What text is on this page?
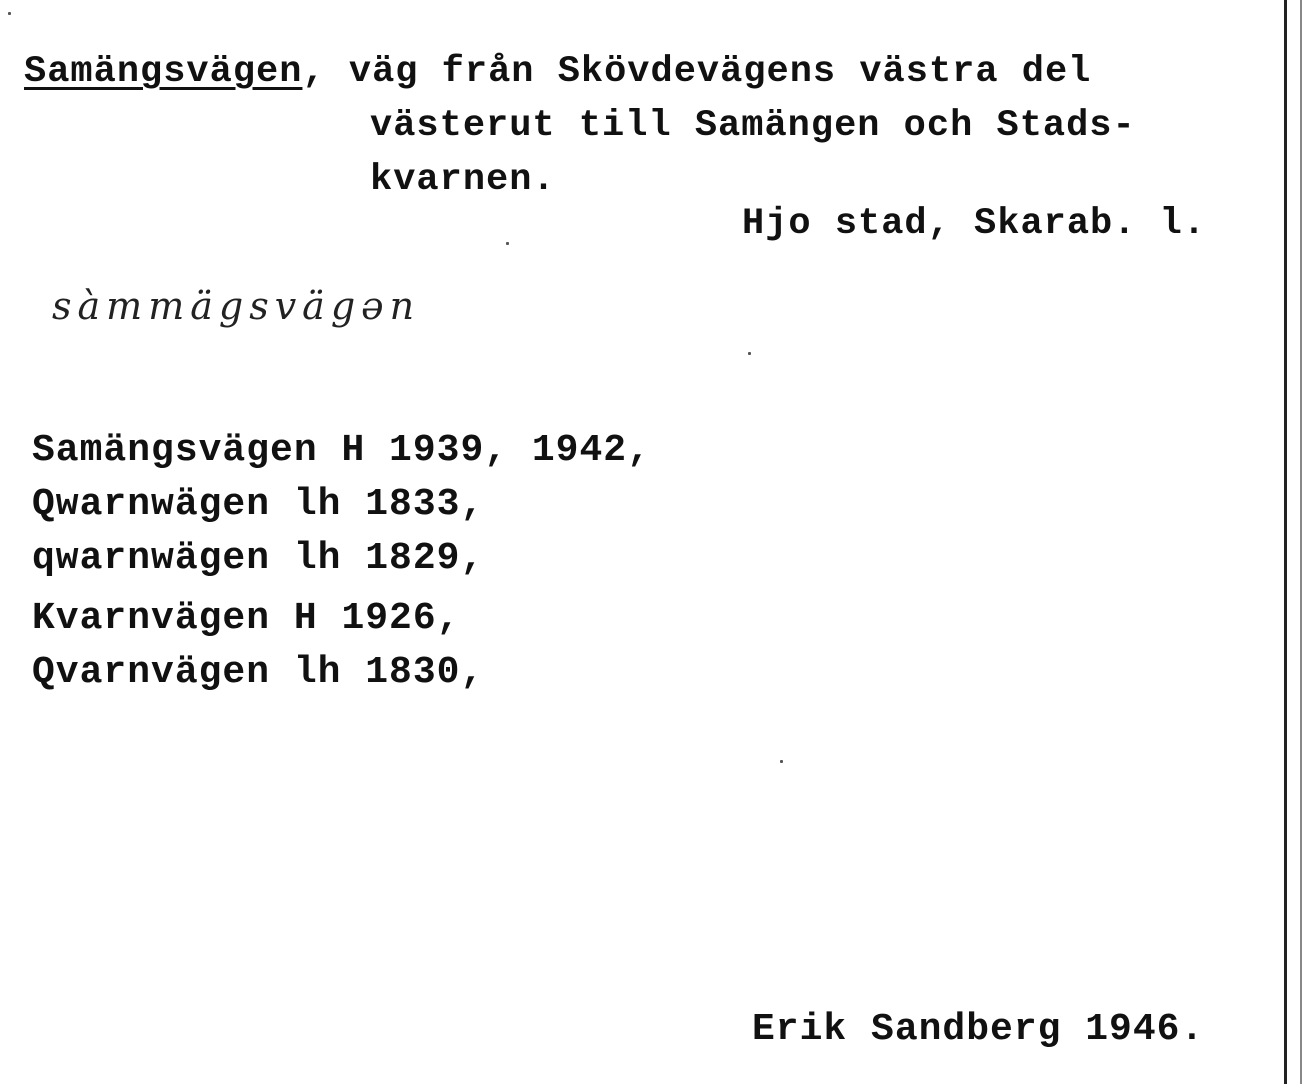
Samängsvägen, väg från Skövdevägens västra del

västerut till Samängen och Stads-

kvarnen.

Hjo stad, Skarab. l.

sàmmägsvägən

Samängsvägen H 1939, 1942,
Qwarnwägen lh 1833,
qwarnwägen lh 1829,
Kvarnvägen H 1926,
Qvarnvägen lh 1830,

Erik Sandberg 1946.
